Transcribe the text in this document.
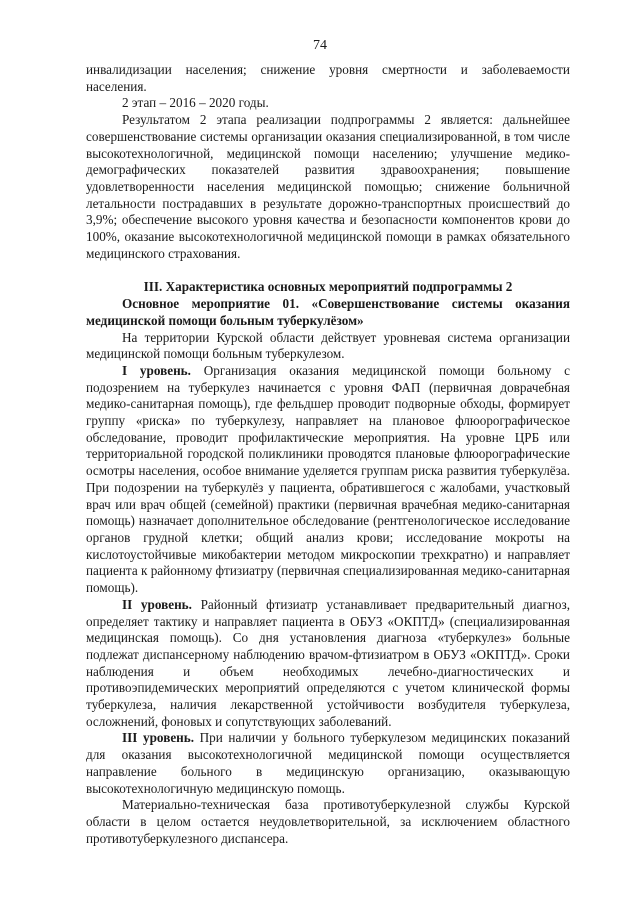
74

инвалидизации населения; снижение уровня смертности и заболеваемости населения.

2 этап – 2016 – 2020 годы.

Результатом 2 этапа реализации подпрограммы 2 является: дальнейшее совершенствование системы организации оказания специализированной, в том числе высокотехнологичной, медицинской помощи населению; улучшение медико-демографических показателей развития здравоохранения; повышение удовлетворенности населения медицинской помощью; снижение больничной летальности пострадавших в результате дорожно-транспортных происшествий до 3,9%; обеспечение высокого уровня качества и безопасности компонентов крови до 100%, оказание высокотехнологичной медицинской помощи в рамках обязательного медицинского страхования.

III. Характеристика основных мероприятий подпрограммы 2

Основное мероприятие 01. «Совершенствование системы оказания медицинской помощи больным туберкулёзом»

На территории Курской области действует уровневая система организации медицинской помощи больным туберкулезом.

I уровень. Организация оказания медицинской помощи больному с подозрением на туберкулез начинается с уровня ФАП (первичная доврачебная медико-санитарная помощь), где фельдшер проводит подворные обходы, формирует группу «риска» по туберкулезу, направляет на плановое флюорографическое обследование, проводит профилактические мероприятия. На уровне ЦРБ или территориальной городской поликлиники проводятся плановые флюорографические осмотры населения, особое внимание уделяется группам риска развития туберкулёза. При подозрении на туберкулёз у пациента, обратившегося с жалобами, участковый врач или врач общей (семейной) практики (первичная врачебная медико-санитарная помощь) назначает дополнительное обследование (рентгенологическое исследование органов грудной клетки; общий анализ крови; исследование мокроты на кислотоустойчивые микобактерии методом микроскопии трехкратно) и направляет пациента к районному фтизиатру (первичная специализированная медико-санитарная помощь).

II уровень. Районный фтизиатр устанавливает предварительный диагноз, определяет тактику и направляет пациента в ОБУЗ «ОКПТД» (специализированная медицинская помощь). Со дня установления диагноза «туберкулез» больные подлежат диспансерному наблюдению врачом-фтизиатром в ОБУЗ «ОКПТД». Сроки наблюдения и объем необходимых лечебно-диагностических и противоэпидемических мероприятий определяются с учетом клинической формы туберкулеза, наличия лекарственной устойчивости возбудителя туберкулеза, осложнений, фоновых и сопутствующих заболеваний.

III уровень. При наличии у больного туберкулезом медицинских показаний для оказания высокотехнологичной медицинской помощи осуществляется направление больного в медицинскую организацию, оказывающую высокотехнологичную медицинскую помощь.

Материально-техническая база противотуберкулезной службы Курской области в целом остается неудовлетворительной, за исключением областного противотуберкулезного диспансера.
